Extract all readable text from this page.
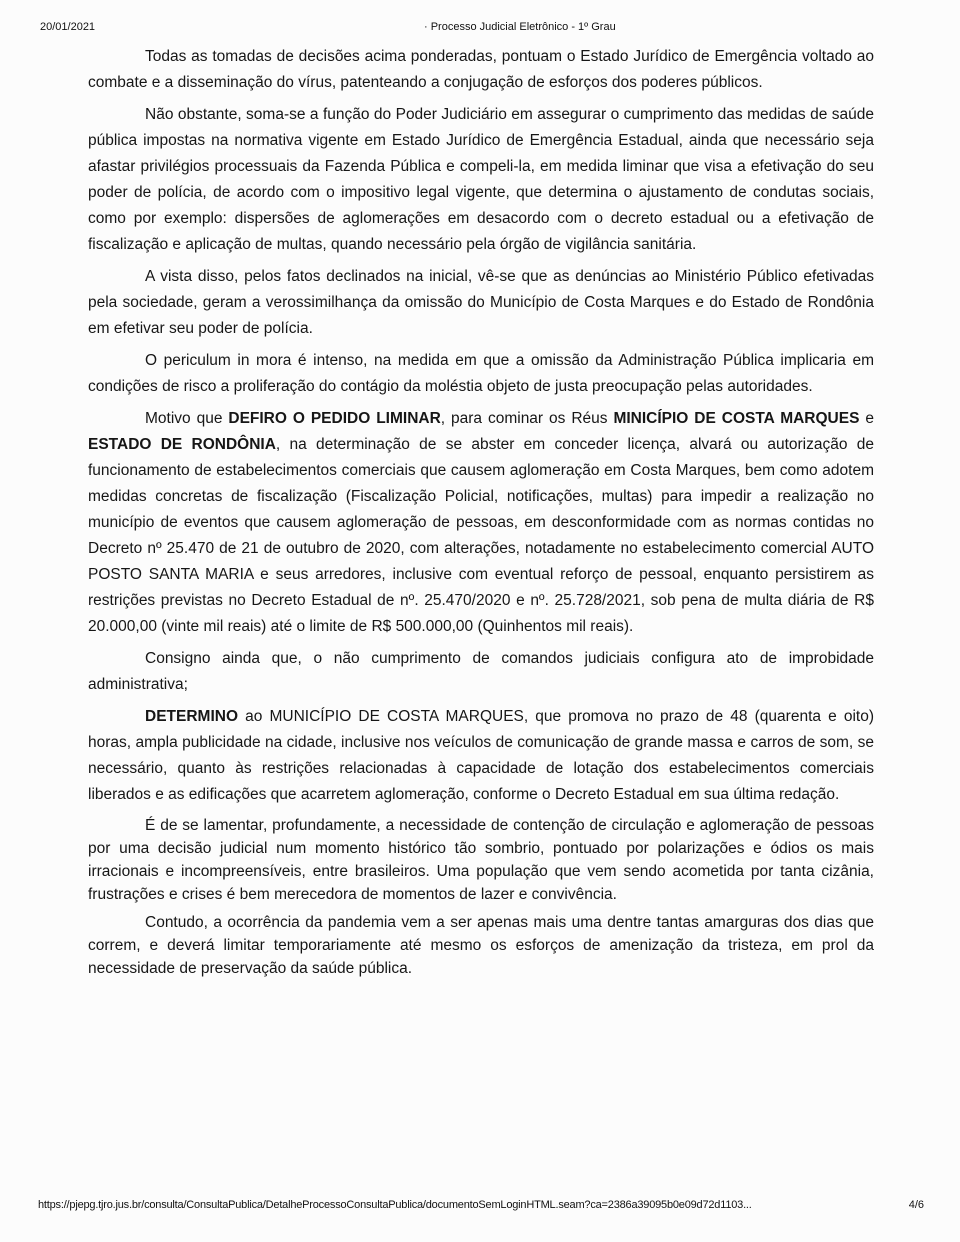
20/01/2021	· Processo Judicial Eletrônico - 1º Grau

Todas as tomadas de decisões acima ponderadas, pontuam o Estado Jurídico de Emergência voltado ao combate e a disseminação do vírus, patenteando a conjugação de esforços dos poderes públicos.

Não obstante, soma-se a função do Poder Judiciário em assegurar o cumprimento das medidas de saúde pública impostas na normativa vigente em Estado Jurídico de Emergência Estadual, ainda que necessário seja afastar privilégios processuais da Fazenda Pública e compeli-la, em medida liminar que visa a efetivação do seu poder de polícia, de acordo com o impositivo legal vigente, que determina o ajustamento de condutas sociais, como por exemplo: dispersões de aglomerações em desacordo com o decreto estadual ou a efetivação de fiscalização e aplicação de multas, quando necessário pela órgão de vigilância sanitária.

A vista disso, pelos fatos declinados na inicial, vê-se que as denúncias ao Ministério Público efetivadas pela sociedade, geram a verossimilhança da omissão do Município de Costa Marques e do Estado de Rondônia em efetivar seu poder de polícia.

O periculum in mora é intenso, na medida em que a omissão da Administração Pública implicaria em condições de risco a proliferação do contágio da moléstia objeto de justa preocupação pelas autoridades.

Motivo que DEFIRO O PEDIDO LIMINAR, para cominar os Réus MINICÍPIO DE COSTA MARQUES e ESTADO DE RONDÔNIA, na determinação de se abster em conceder licença, alvará ou autorização de funcionamento de estabelecimentos comerciais que causem aglomeração em Costa Marques, bem como adotem medidas concretas de fiscalização (Fiscalização Policial, notificações, multas) para impedir a realização no município de eventos que causem aglomeração de pessoas, em desconformidade com as normas contidas no Decreto nº 25.470 de 21 de outubro de 2020, com alterações, notadamente no estabelecimento comercial AUTO POSTO SANTA MARIA e seus arredores, inclusive com eventual reforço de pessoal, enquanto persistirem as restrições previstas no Decreto Estadual de nº. 25.470/2020 e nº. 25.728/2021, sob pena de multa diária de R$ 20.000,00 (vinte mil reais) até o limite de R$ 500.000,00 (Quinhentos mil reais).

Consigno ainda que, o não cumprimento de comandos judiciais configura ato de improbidade administrativa;

DETERMINO ao MUNICÍPIO DE COSTA MARQUES, que promova no prazo de 48 (quarenta e oito) horas, ampla publicidade na cidade, inclusive nos veículos de comunicação de grande massa e carros de som, se necessário, quanto às restrições relacionadas à capacidade de lotação dos estabelecimentos comerciais liberados e as edificações que acarretem aglomeração, conforme o Decreto Estadual em sua última redação.

É de se lamentar, profundamente, a necessidade de contenção de circulação e aglomeração de pessoas por uma decisão judicial num momento histórico tão sombrio, pontuado por polarizações e ódios os mais irracionais e incompreensíveis, entre brasileiros. Uma população que vem sendo acometida por tanta cizânia, frustrações e crises é bem merecedora de momentos de lazer e convivência.

Contudo, a ocorrência da pandemia vem a ser apenas mais uma dentre tantas amarguras dos dias que correm, e deverá limitar temporariamente até mesmo os esforços de amenização da tristeza, em prol da necessidade de preservação da saúde pública.

https://pjepg.tjro.jus.br/consulta/ConsultaPublica/DetalheProcessoConsultaPublica/documentoSemLoginHTML.seam?ca=2386a39095b0e09d72d1103...	4/6
